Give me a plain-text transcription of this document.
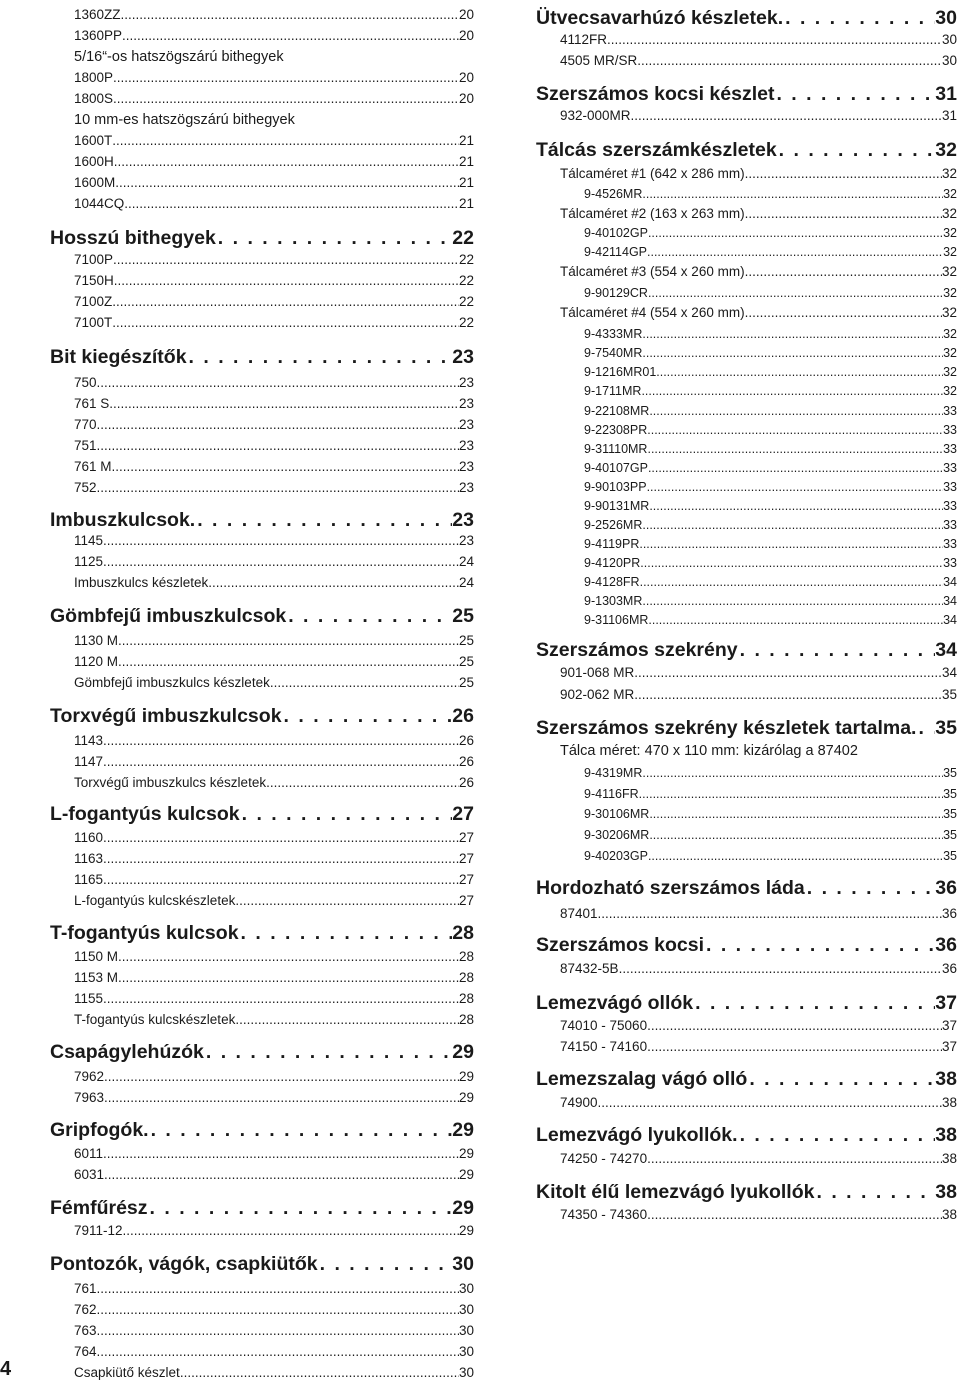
1360ZZ .....	20
1360PP .....	20
5/16“-os hatszögszárú bithegyek
1800P .....	20
1800S .....	20
10 mm-es hatszögszárú bithegyek
1600T .....	21
1600H .....	21
1600M .....	21
1044CQ .....	21
Hosszú bithegyek . . .	22
7100P .....	22
7150H .....	22
7100Z .....	22
7100T .....	22
Bit kiegészítők . . .	23
750 .....	23
761 S .....	23
770 .....	23
751 .....	23
761 M .....	23
752 .....	23
Imbuszkulcsok. . . .	23
1145 .....	23
1125 .....	24
Imbuszkulcs készletek .....	24
Gömbfejű imbuszkulcsok . . .	25
1130 M .....	25
1120 M .....	25
Gömbfejű imbuszkulcs készletek .....	25
Torxvégű imbuszkulcsok . . .	26
1143 .....	26
1147 .....	26
Torxvégű imbuszkulcs készletek .....	26
L-fogantyús kulcsok . . .	27
1160 .....	27
1163 .....	27
1165 .....	27
L-fogantyús kulcskészletek .....	27
T-fogantyús kulcsok . . .	28
1150 M .....	28
1153 M .....	28
1155 .....	28
T-fogantyús kulcskészletek .....	28
Csapágylehúzók . . .	29
7962 .....	29
7963 .....	29
Gripfogók. . . .	29
6011 .....	29
6031 .....	29
Fémfűrész . . .	29
7911-12 .....	29
Pontozók, vágók, csapkiütők . . .	30
761 .....	30
762 .....	30
763 .....	30
764 .....	30
Csapkiütő készlet .....	30
Ütvecsavarhúzó készletek. . . .	30
4112FR .....	30
4505 MR/SR .....	30
Szerszámos kocsi készlet . . .	31
932-000MR .....	31
Tálcás szerszámkészletek . . .	32
Tálcaméret #1 (642 x 286 mm) .....	32
9-4526MR .....	32
Tálcaméret #2 (163 x 263 mm) .....	32
9-40102GP .....	32
9-42114GP .....	32
Tálcaméret #3 (554 x 260 mm) .....	32
9-90129CR .....	32
Tálcaméret #4 (554 x 260 mm) .....	32
9-4333MR .....	32
9-7540MR .....	32
9-1216MR01 .....	32
9-1711MR .....	32
9-22108MR .....	33
9-22308PR .....	33
9-31110MR .....	33
9-40107GP .....	33
9-90103PP .....	33
9-90131MR .....	33
9-2526MR .....	33
9-4119PR .....	33
9-4120PR .....	33
9-4128FR .....	34
9-1303MR .....	34
9-31106MR .....	34
Szerszámos szekrény . . .	34
901-068 MR .....	34
902-062 MR .....	35
Szerszámos szekrény készletek tartalma. . . . 35
Tálca méret: 470 x 110 mm: kizárólag a 87402
9-4319MR .....	35
9-4116FR .....	35
9-30106MR .....	35
9-30206MR .....	35
9-40203GP .....	35
Hordozható szerszámos láda . . .	36
87401 .....	36
Szerszámos kocsi . . .	36
87432-5B .....	36
Lemezvágó ollók . . .	37
74010 - 75060 .....	37
74150 - 74160 .....	37
Lemezszalag vágó olló . . .	38
74900 .....	38
Lemezvágó lyukollók. . . .	38
74250 - 74270 .....	38
Kitolt élű lemezvágó lyukollók . . .	38
74350 - 74360 .....	38
4
